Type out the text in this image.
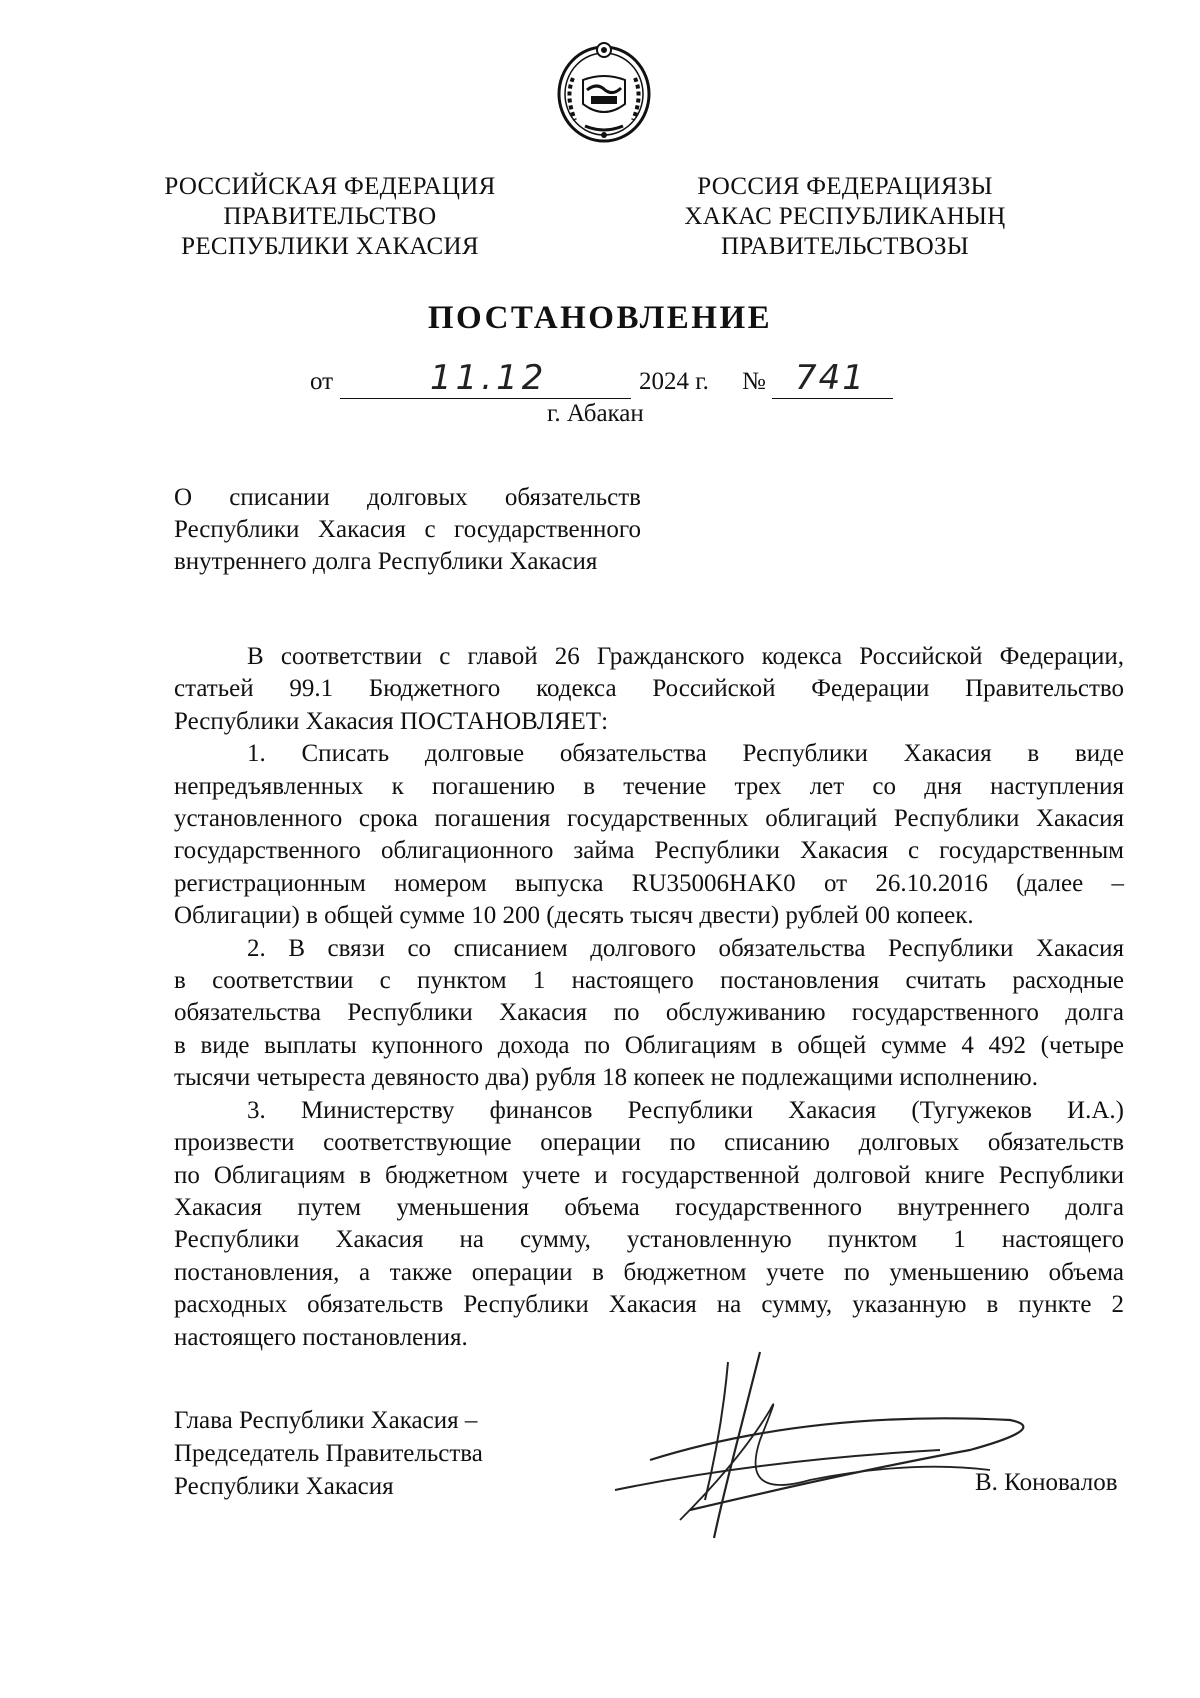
РОССИЙСКАЯ ФЕДЕРАЦИЯ
ПРАВИТЕЛЬСТВО
РЕСПУБЛИКИ ХАКАСИЯ
РОССИЯ ФЕДЕРАЦИЯЗЫ
ХАКАС РЕСПУБЛИКАНЫҢ
ПРАВИТЕЛЬСТВОЗЫ
ПОСТАНОВЛЕНИЕ
от	11.12	2024 г. № 741
г. Абакан
О списании долговых обязательств
Республики Хакасия с государственного
внутреннего долга Республики Хакасия
В соответствии с главой 26 Гражданского кодекса Российской Федерации,
статьей 99.1 Бюджетного кодекса Российской Федерации Правительство
Республики Хакасия ПОСТАНОВЛЯЕТ:
1. Списать долговые обязательства Республики Хакасия в виде
непредъявленных к погашению в течение трех лет со дня наступления
установленного срока погашения государственных облигаций Республики Хакасия
государственного облигационного займа Республики Хакасия с государственным
регистрационным номером выпуска RU35006HAK0 от 26.10.2016 (далее –
Облигации) в общей сумме 10 200 (десять тысяч двести) рублей 00 копеек.
2. В связи со списанием долгового обязательства Республики Хакасия
в соответствии с пунктом 1 настоящего постановления считать расходные
обязательства Республики Хакасия по обслуживанию государственного долга
в виде выплаты купонного дохода по Облигациям в общей сумме 4 492 (четыре
тысячи четыреста девяносто два) рубля 18 копеек не подлежащими исполнению.
3. Министерству финансов Республики Хакасия (Тугужеков И.А.)
произвести соответствующие операции по списанию долговых обязательств
по Облигациям в бюджетном учете и государственной долговой книге Республики
Хакасия путем уменьшения объема государственного внутреннего долга
Республики Хакасия на сумму, установленную пунктом 1 настоящего
постановления, а также операции в бюджетном учете по уменьшению объема
расходных обязательств Республики Хакасия на сумму, указанную в пункте 2
настоящего постановления.
Глава Республики Хакасия –
Председатель Правительства
Республики Хакасия	В. Коновалов
